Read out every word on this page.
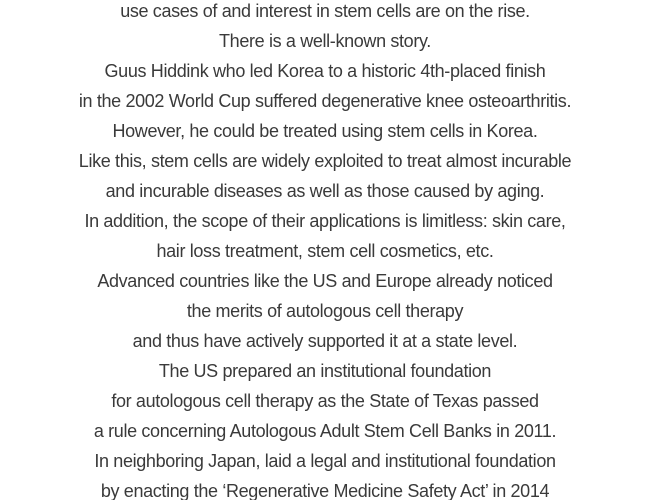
use cases of and interest in stem cells are on the rise.
There is a well-known story.
Guus Hiddink who led Korea to a historic 4th-placed finish
in the 2002 World Cup suffered degenerative knee osteoarthritis.
However, he could be treated using stem cells in Korea.
Like this, stem cells are widely exploited to treat almost incurable
and incurable diseases as well as those caused by aging.
In addition, the scope of their applications is limitless: skin care,
hair loss treatment, stem cell cosmetics, etc.
Advanced countries like the US and Europe already noticed
the merits of autologous cell therapy
and thus have actively supported it at a state level.
The US prepared an institutional foundation
for autologous cell therapy as the State of Texas passed
a rule concerning Autologous Adult Stem Cell Banks in 2011.
In neighboring Japan, laid a legal and institutional foundation
by enacting the ‘Regenerative Medicine Safety Act’ in 2014
